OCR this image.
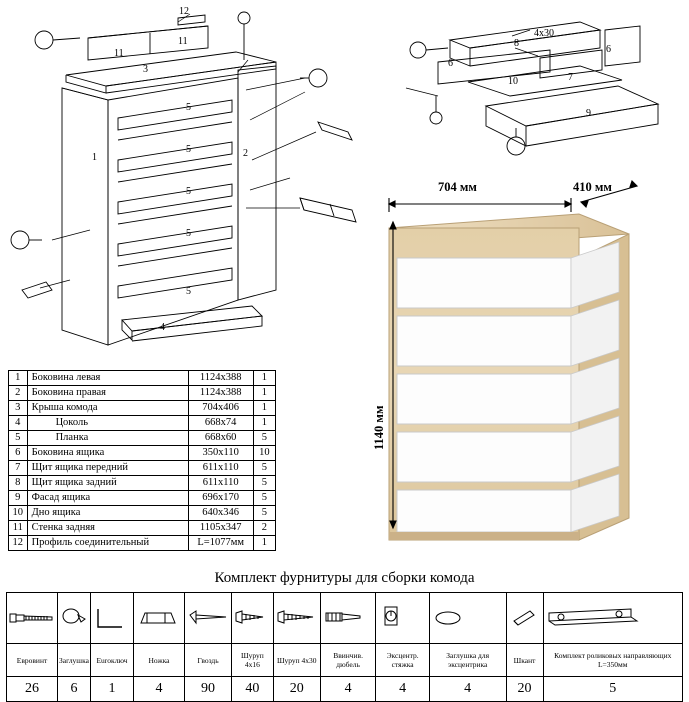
12
11
11
3
1	2
5
5
5
5
5
4
8
4х30
6
6
10	7
9
704 мм	410 мм
1140 мм
1	Боковина левая	1124х388	1
2	Боковина правая	1124х388	1
3	Крыша комода	704х406	1
4	Цоколь	668х74	1
5	Планка	668х60	5
6	Боковина ящика	350х110	10
7	Щит ящика передний	611х110	5
8	Щит ящика задний	611х110	5
9	Фасад ящика	696х170	5
10	Дно ящика	640х346	5
11	Стенка задняя	1105х347	2
12	Профиль соединительный	L=1077мм	1
Комплект фурнитуры для сборки комода

Евровинт	Заглушка	Euroключ	Ножка	Гвоздь	Шуруп 4х16	Шуруп 4х30	Ввинчив. дюбель	Эксцентр. стяжка	Заглушка для эксцентрика	Шкант	Комплект роликовых направляющих L=350мм
26	6	1	4	90	40	20	4	4	4	20	5
